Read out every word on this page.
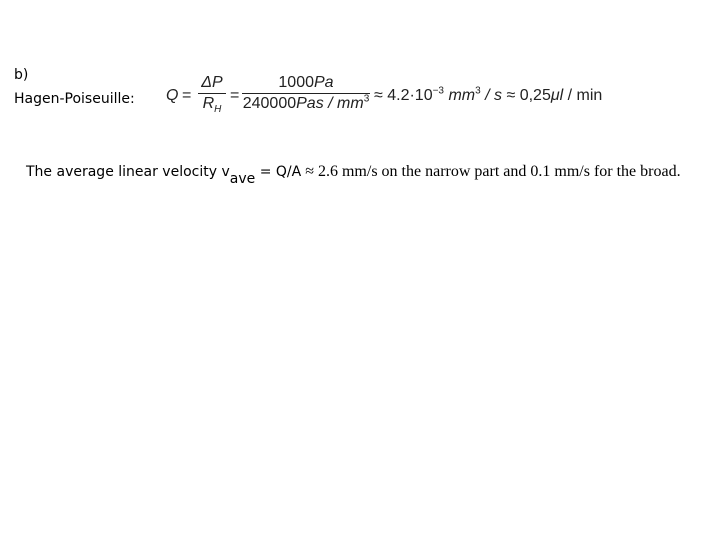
b)
Hagen-Poiseuille: Q =
ΔP
$R_H$
=
1000Pa
$240000Pas / mm^3 \approx 4.2\cdot 10^{-3}$ $mm^3 / s \approx 0,25\mu l / \min$
The average linear velocity $v_{ave} = Q/A \approx 2.6$ mm/s on the narrow part and 0.1 mm/s for the broad.
